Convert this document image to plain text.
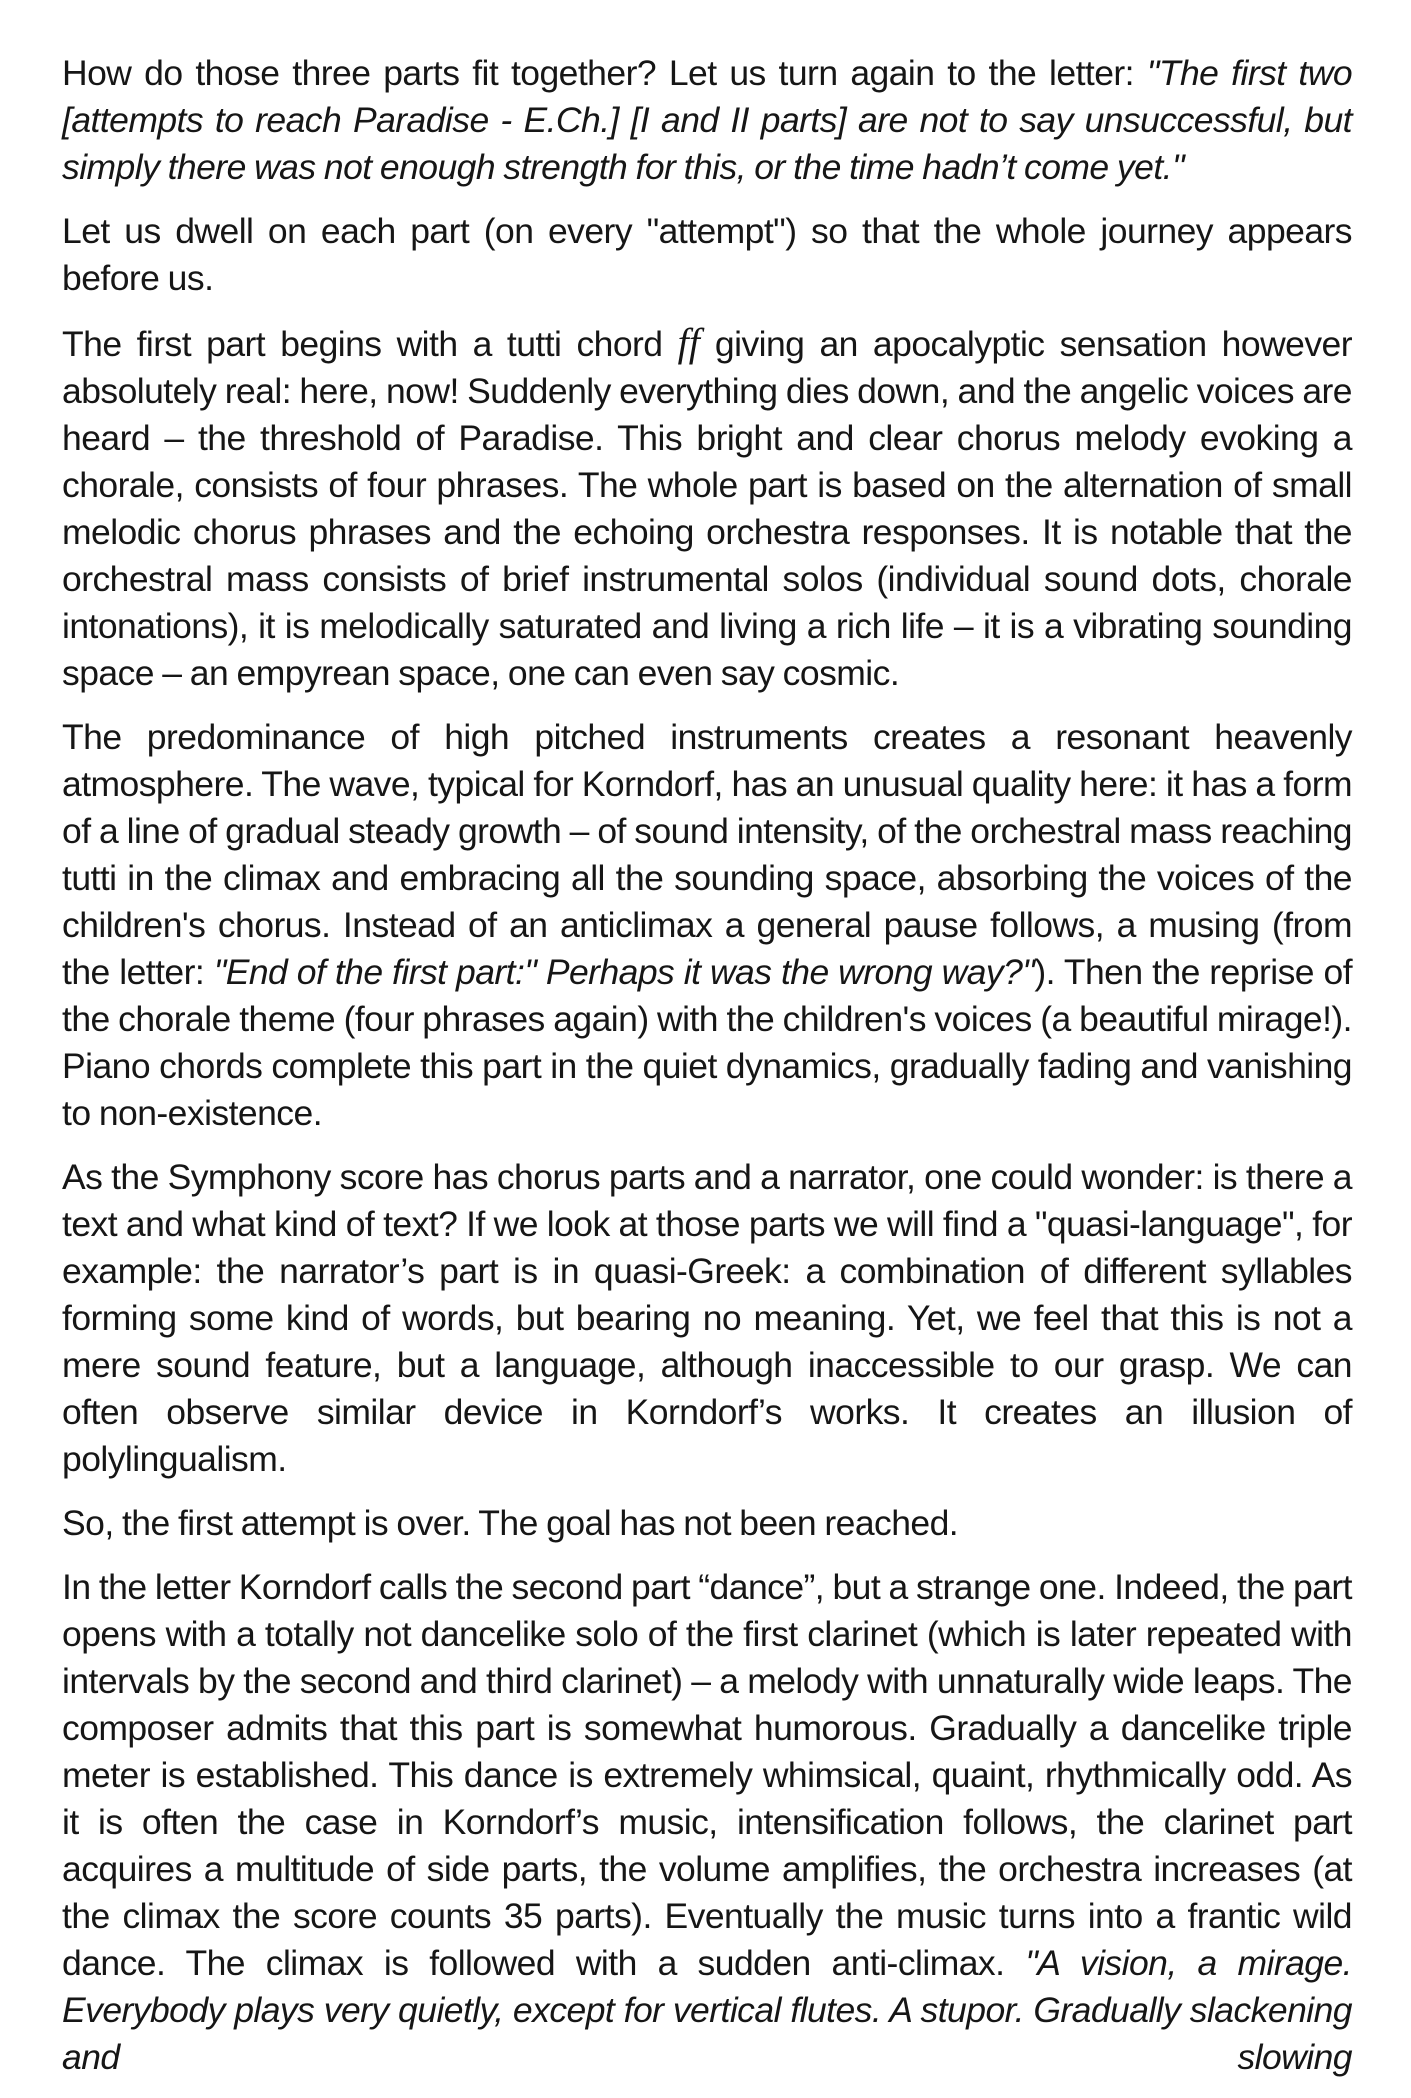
How do those three parts fit together? Let us turn again to the letter: "The first two [attempts to reach Paradise - E.Ch.] [I and II parts] are not to say unsuccessful, but simply there was not enough strength for this, or the time hadn’t come yet."

Let us dwell on each part (on every "attempt") so that the whole journey appears before us.

The first part begins with a tutti chord ff giving an apocalyptic sensation however absolutely real: here, now! Suddenly everything dies down, and the angelic voices are heard – the threshold of Paradise. This bright and clear chorus melody evoking a chorale, consists of four phrases. The whole part is based on the alternation of small melodic chorus phrases and the echoing orchestra responses. It is notable that the orchestral mass consists of brief instrumental solos (individual sound dots, chorale intonations), it is melodically saturated and living a rich life – it is a vibrating sounding space – an empyrean space, one can even say cosmic.

The predominance of high pitched instruments creates a resonant heavenly atmosphere. The wave, typical for Korndorf, has an unusual quality here: it has a form of a line of gradual steady growth – of sound intensity, of the orchestral mass reaching tutti in the climax and embracing all the sounding space, absorbing the voices of the children's chorus. Instead of an anticlimax a general pause follows, a musing (from the letter: "End of the first part:" Perhaps it was the wrong way?"). Then the reprise of the chorale theme (four phrases again) with the children's voices (a beautiful mirage!). Piano chords complete this part in the quiet dynamics, gradually fading and vanishing to non-existence.

As the Symphony score has chorus parts and a narrator, one could wonder: is there a text and what kind of text? If we look at those parts we will find a "quasi-language", for example: the narrator’s part is in quasi-Greek: a combination of different syllables forming some kind of words, but bearing no meaning. Yet, we feel that this is not a mere sound feature, but a language, although inaccessible to our grasp. We can often observe similar device in Korndorf’s works. It creates an illusion of polylingualism.

So, the first attempt is over. The goal has not been reached.

In the letter Korndorf calls the second part “dance”, but a strange one. Indeed, the part opens with a totally not dancelike solo of the first clarinet (which is later repeated with intervals by the second and third clarinet) – a melody with unnaturally wide leaps. The composer admits that this part is somewhat humorous. Gradually a dancelike triple meter is established. This dance is extremely whimsical, quaint, rhythmically odd. As it is often the case in Korndorf’s music, intensification follows, the clarinet part acquires a multitude of side parts, the volume amplifies, the orchestra increases (at the climax the score counts 35 parts). Eventually the music turns into a frantic wild dance. The climax is followed with a sudden anti-climax. "A vision, a mirage. Everybody plays very quietly, except for vertical flutes. A stupor. Gradually slackening and slowing
